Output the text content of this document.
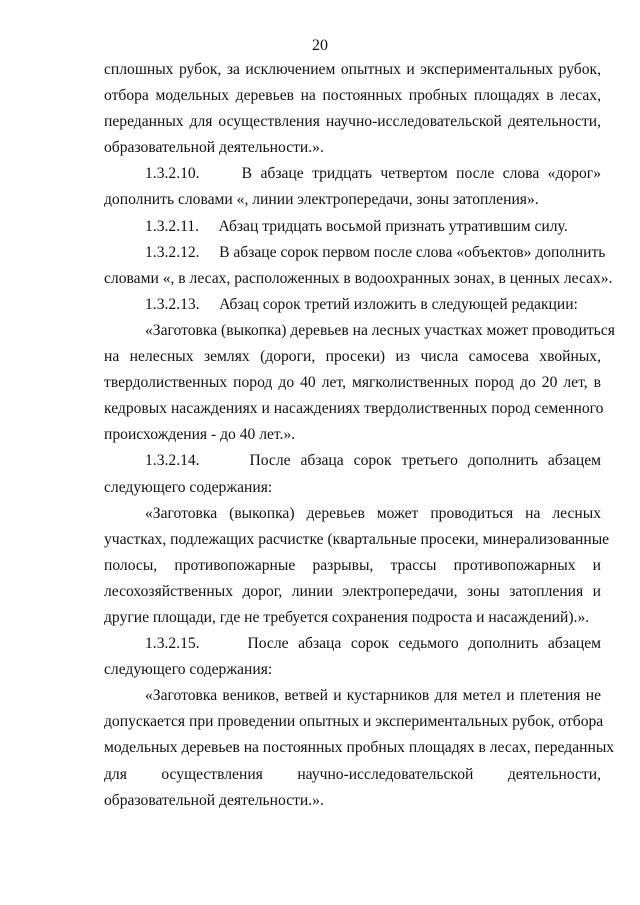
20
сплошных рубок, за исключением опытных и экспериментальных рубок,
отбора модельных деревьев на постоянных пробных площадях в лесах,
переданных для осуществления научно-исследовательской деятельности,
образовательной деятельности.».
1.3.2.10.     В абзаце тридцать четвертом после слова «дорог»
дополнить словами «, линии электропередачи, зоны затопления».
1.3.2.11.     Абзац тридцать восьмой признать утратившим силу.
1.3.2.12.     В абзаце сорок первом после слова «объектов» дополнить
словами «, в лесах, расположенных в водоохранных зонах, в ценных лесах».
1.3.2.13.     Абзац сорок третий изложить в следующей редакции:
«Заготовка (выкопка) деревьев на лесных участках может проводиться
на нелесных землях (дороги, просеки) из числа самосева хвойных,
твердолиственных пород до 40 лет, мягколиственных пород до 20 лет, в
кедровых насаждениях и насаждениях твердолиственных пород семенного
происхождения - до 40 лет.».
1.3.2.14.     После абзаца сорок третьего дополнить абзацем
следующего содержания:
«Заготовка (выкопка) деревьев может проводиться на лесных
участках, подлежащих расчистке (квартальные просеки, минерализованные
полосы, противопожарные разрывы, трассы противопожарных и
лесохозяйственных дорог, линии электропередачи, зоны затопления и
другие площади, где не требуется сохранения подроста и насаждений).».
1.3.2.15.     После абзаца сорок седьмого дополнить абзацем
следующего содержания:
«Заготовка веников, ветвей и кустарников для метел и плетения не
допускается при проведении опытных и экспериментальных рубок, отбора
модельных деревьев на постоянных пробных площадях в лесах, переданных
для осуществления научно-исследовательской деятельности,
образовательной деятельности.».
